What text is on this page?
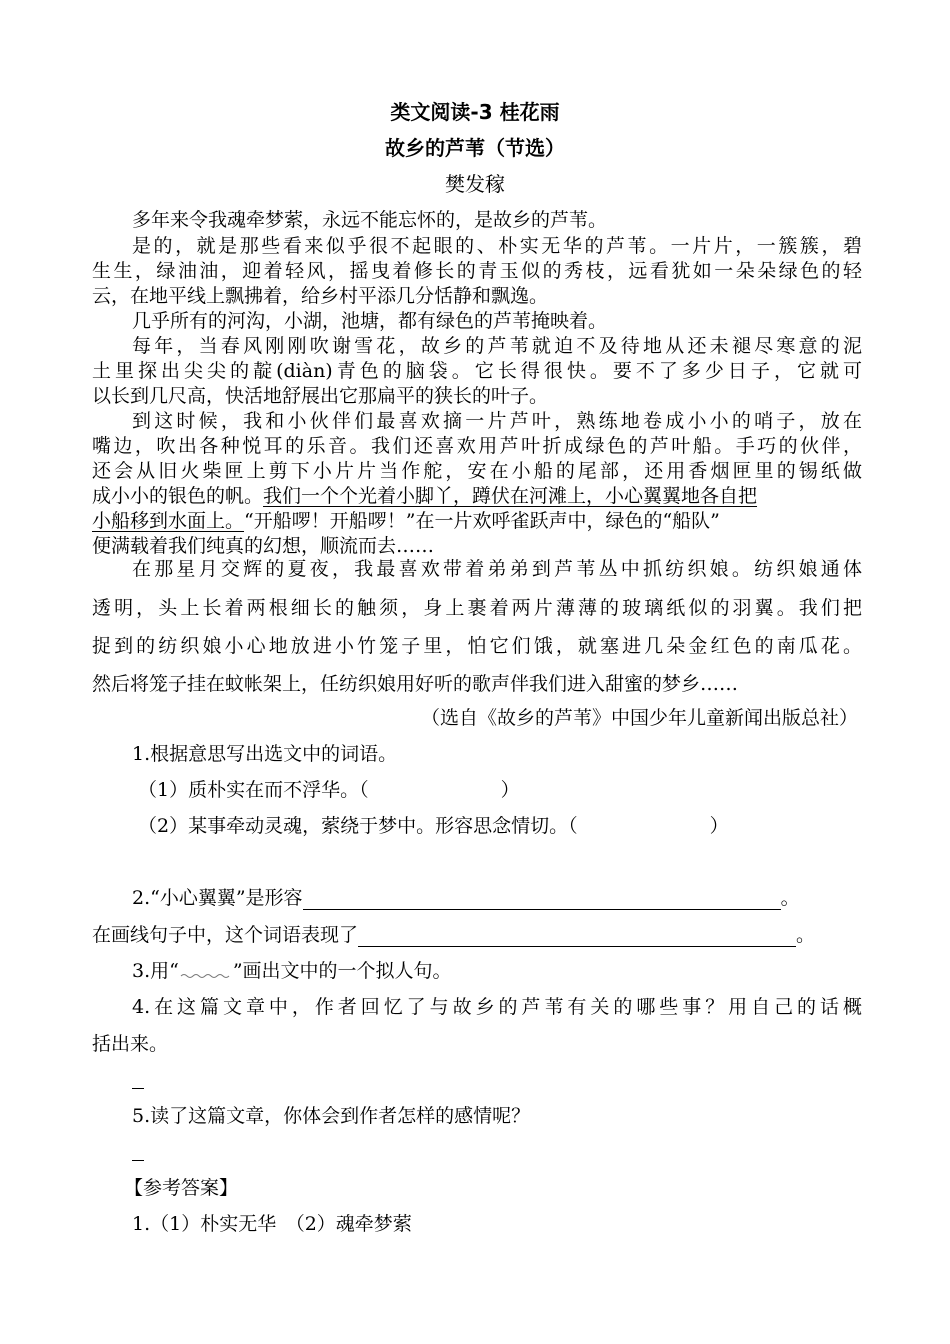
类文阅读-3 桂花雨
故乡的芦苇（节选）
樊发稼
多年来令我魂牵梦萦，永远不能忘怀的，是故乡的芦苇。
是的，就是那些看来似乎很不起眼的、朴实无华的芦苇。一片片，一簇簇，碧
生生，绿油油，迎着轻风，摇曳着修长的青玉似的秀枝，远看犹如一朵朵绿色的轻
云，在地平线上飘拂着，给乡村平添几分恬静和飘逸。
几乎所有的河沟，小湖，池塘，都有绿色的芦苇掩映着。
每年，当春风刚刚吹谢雪花，故乡的芦苇就迫不及待地从还未褪尽寒意的泥
土里探出尖尖的靛(diàn)青色的脑袋。它长得很快。要不了多少日子，它就可
以长到几尺高，快活地舒展出它那扁平的狭长的叶子。
到这时候，我和小伙伴们最喜欢摘一片芦叶，熟练地卷成小小的哨子，放在
嘴边，吹出各种悦耳的乐音。我们还喜欢用芦叶折成绿色的芦叶船。手巧的伙伴，
还会从旧火柴匣上剪下小片片当作舵，安在小船的尾部，还用香烟匣里的锡纸做
成小小的银色的帆。我们一个个光着小脚丫，蹲伏在河滩上，小心翼翼地各自把
小船移到水面上。“开船啰！开船啰！”在一片欢呼雀跃声中，绿色的“船队”
便满载着我们纯真的幻想，顺流而去……
在那星月交辉的夏夜，我最喜欢带着弟弟到芦苇丛中抓纺织娘。纺织娘通体
透明，头上长着两根细长的触须，身上裹着两片薄薄的玻璃纸似的羽翼。我们把
捉到的纺织娘小心地放进小竹笼子里，怕它们饿，就塞进几朵金红色的南瓜花。
然后将笼子挂在蚊帐架上，任纺织娘用好听的歌声伴我们进入甜蜜的梦乡……
（选自《故乡的芦苇》中国少年儿童新闻出版总社）
1.根据意思写出选文中的词语。
（1）质朴实在而不浮华。（	）
（2）某事牵动灵魂，萦绕于梦中。形容思念情切。（	）
2.“小心翼翼”是形容	。
在画线句子中，这个词语表现了	。
3.用“	”画出文中的一个拟人句。
4.在这篇文章中，作者回忆了与故乡的芦苇有关的哪些事？用自己的话概
括出来。
5.读了这篇文章，你体会到作者怎样的感情呢？
【参考答案】
1.（1）朴实无华　（2）魂牵梦萦
